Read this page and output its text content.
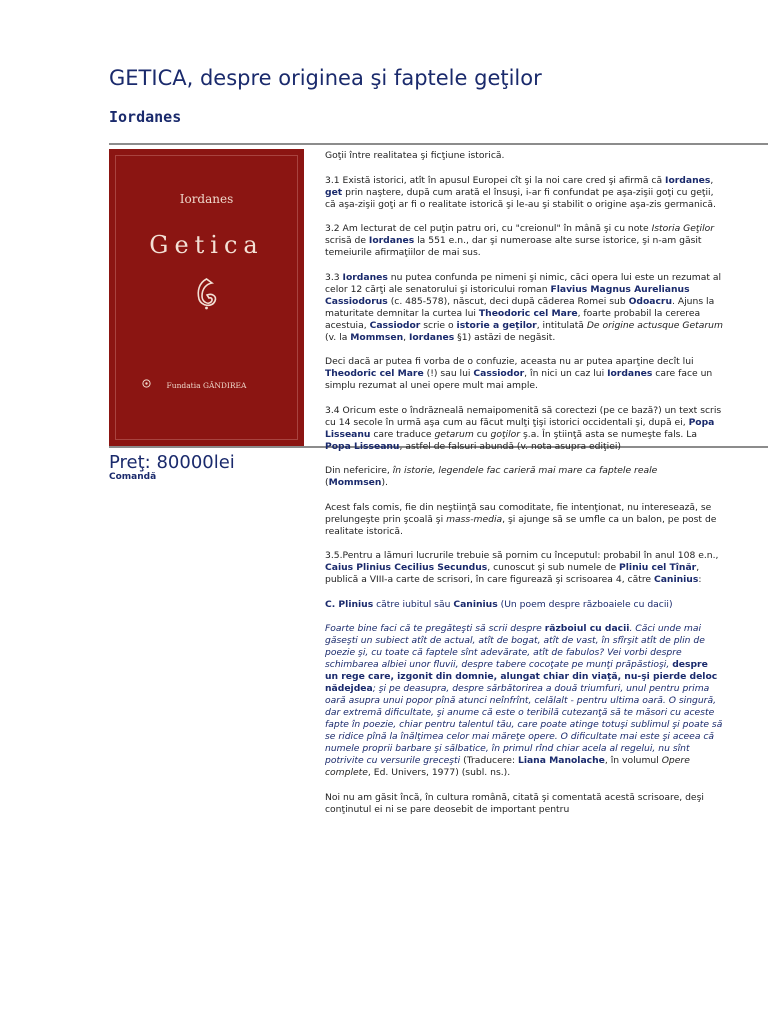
GETICA, despre originea şi faptele geţilor
Iordanes
Iordanes
Getica
Fundatia GÂNDIREA
Preţ: 80000lei
Comandă

Goţii între realitatea şi ficţiune istorică.

3.1 Există istorici, atît în apusul Europei cît şi la noi care cred şi afirmă că Iordanes, get prin naştere, după cum arată el însuşi, i-ar fi confundat pe aşa-zişii goţi cu geţii, că aşa-zişii goţi ar fi o realitate istorică şi le-au şi stabilit o origine aşa-zis germanică.

3.2 Am lecturat de cel puţin patru ori, cu "creionul" în mână şi cu note Istoria Geţilor scrisă de Iordanes la 551 e.n., dar şi numeroase alte surse istorice, şi n-am găsit temeiurile afirmaţiilor de mai sus.

3.3 Iordanes nu putea confunda pe nimeni şi nimic, căci opera lui este un rezumat al celor 12 cărţi ale senatorului şi istoricului roman Flavius Magnus Aurelianus Cassiodorus (c. 485-578), născut, deci după căderea Romei sub Odoacru. Ajuns la maturitate demnitar la curtea lui Theodoric cel Mare, foarte probabil la cererea acestuia, Cassiodor scrie o istorie a geţilor, intitulată De origine actusque Getarum (v. la Mommsen, Iordanes §1) astăzi de negăsit.

Deci dacă ar putea fi vorba de o confuzie, aceasta nu ar putea aparţine decît lui Theodoric cel Mare (!) sau lui Cassiodor, în nici un caz lui Iordanes care face un simplu rezumat al unei opere mult mai ample.

3.4 Oricum este o îndrăzneală nemaipomenită să corectezi (pe ce bază?) un text scris cu 14 secole în urmă aşa cum au făcut mulţi ţişi istorici occidentali şi, după ei, Popa Lisseanu care traduce getarum cu goţilor ş.a. În ştiinţă asta se numeşte fals. La Popa Lisseanu, astfel de falsuri abundă (v. nota asupra ediţiei)

Din nefericire, în istorie, legendele fac carieră mai mare ca faptele reale (Mommsen).

Acest fals comis, fie din neştiinţă sau comoditate, fie intenţionat, nu interesează, se prelungeşte prin şcoală şi mass-media, şi ajunge să se umfle ca un balon, pe post de realitate istorică.

3.5.Pentru a lămuri lucrurile trebuie să pornim cu începutul: probabil în anul 108 e.n., Caius Plinius Cecilius Secundus, cunoscut şi sub numele de Pliniu cel Tînăr, publică a VIII-a carte de scrisori, în care figurează şi scrisoarea 4, către Caninius:

C. Plinius către iubitul său Caninius (Un poem despre războaiele cu dacii)

Foarte bine faci că te pregăteşti să scrii despre războiul cu dacii. Căci unde mai găseşti un subiect atît de actual, atît de bogat, atît de vast, în sfîrşit atît de plin de poezie şi, cu toate că faptele sînt adevărate, atît de fabulos? Vei vorbi despre schimbarea albiei unor fluvii, despre tabere cocoţate pe munţi prăpăstioşi, despre un rege care, izgonit din domnie, alungat chiar din viaţă, nu-şi pierde deloc nădejdea; şi pe deasupra, despre sărbătorirea a două triumfuri, unul pentru prima oară asupra unui popor pînă atunci neînfrînt, celălalt - pentru ultima oară. O singură, dar extremă dificultate, şi anume că este o teribilă cutezanţă să te măsori cu aceste fapte în poezie, chiar pentru talentul tău, care poate atinge totuşi sublimul şi poate să se ridice pînă la înălţimea celor mai măreţe opere. O dificultate mai este şi aceea că numele proprii barbare şi sălbatice, în primul rînd chiar acela al regelui, nu sînt potrivite cu versurile greceşti (Traducere: Liana Manolache, în volumul Opere complete, Ed. Univers, 1977) (subl. ns.).

Noi nu am găsit încă, în cultura română, citată şi comentată acestă scrisoare, deşi conţinutul ei ni se pare deosebit de important pentru
